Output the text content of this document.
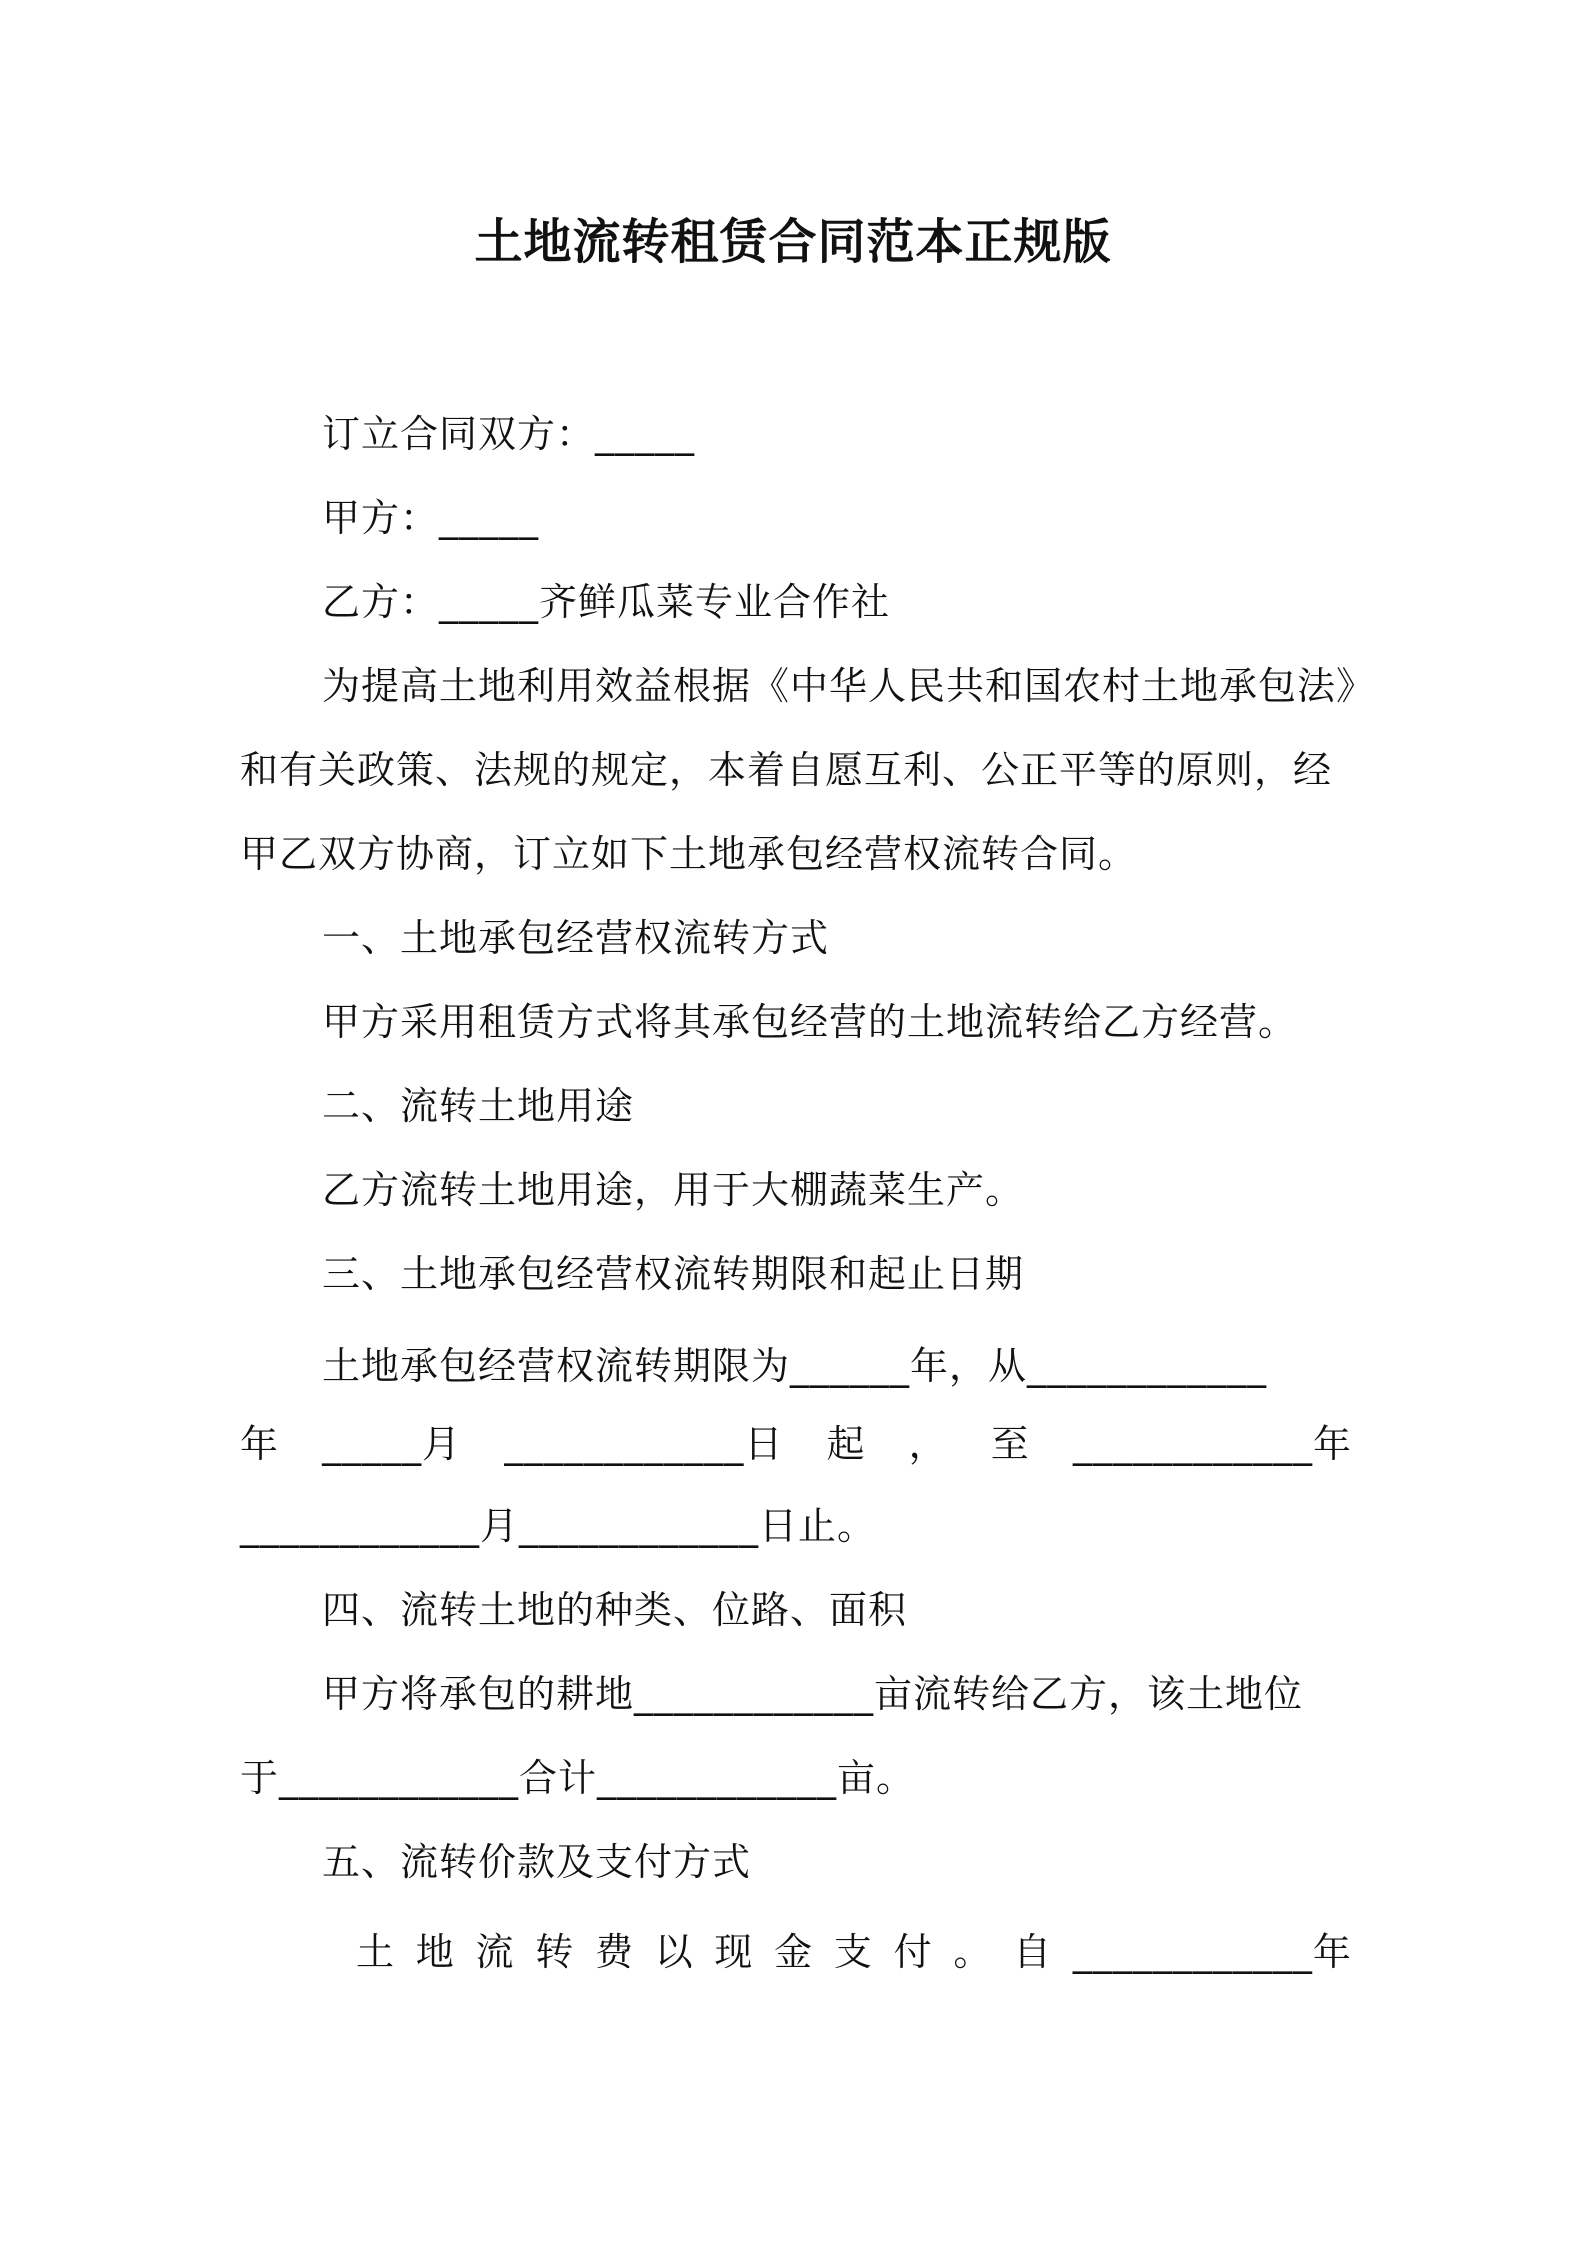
土地流转租赁合同范本正规版
订立合同双方：_____
甲方：_____
乙方：_____齐鲜瓜菜专业合作社
为提高土地利用效益根据《中华人民共和国农村土地承包法》
和有关政策、法规的规定，本着自愿互利、公正平等的原则，经
甲乙双方协商，订立如下土地承包经营权流转合同。
一、土地承包经营权流转方式
甲方采用租赁方式将其承包经营的土地流转给乙方经营。
二、流转土地用途
乙方流转土地用途，用于大棚蔬菜生产。
三、土地承包经营权流转期限和起止日期
土地承包经营权流转期限为______年，从____________
年 _____月 ____________日 起 ， 至 ____________年
____________月____________日止。
四、流转土地的种类、位路、面积
甲方将承包的耕地____________亩流转给乙方，该土地位
于____________合计____________亩。
五、流转价款及支付方式
土 地 流 转 费 以 现 金 支 付 。 自 ____________年
